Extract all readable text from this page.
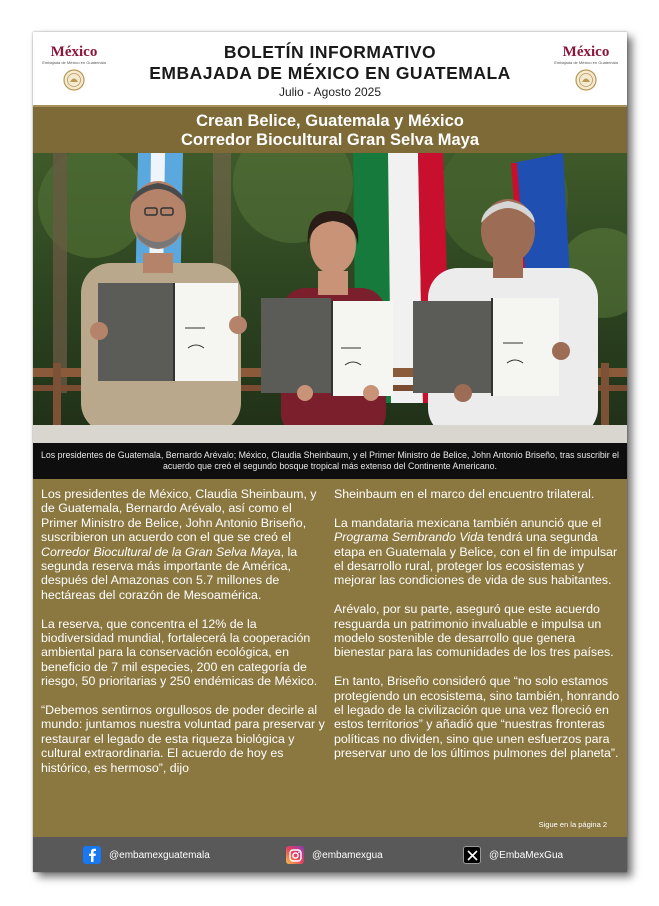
México
Embajada de México en Guatemala
BOLETÍN INFORMATIVO
EMBAJADA DE MÉXICO EN GUATEMALA
Julio - Agosto 2025
México
Embajada de México en Guatemala
Crean Belice, Guatemala y México
Corredor Biocultural Gran Selva Maya
Los presidentes de Guatemala, Bernardo Arévalo; México, Claudia Sheinbaum, y el Primer Ministro de Belice, John Antonio Briseño, tras suscribir el acuerdo que creó el segundo bosque tropical más extenso del Continente Americano.

Los presidentes de México, Claudia Sheinbaum, y de Guatemala, Bernardo Arévalo, así como el Primer Ministro de Belice, John Antonio Briseño, suscribieron un acuerdo con el que se creó el Corredor Biocultural de la Gran Selva Maya, la segunda reserva más importante de América, después del Amazonas con 5.7 millones de hectáreas del corazón de Mesoamérica.

La reserva, que concentra el 12% de la biodiversidad mundial, fortalecerá la cooperación ambiental para la conservación ecológica, en beneficio de 7 mil especies, 200 en categoría de riesgo, 50 prioritarias y 250 endémicas de México.

“Debemos sentirnos orgullosos de poder decirle al mundo: juntamos nuestra voluntad para preservar y restaurar el legado de esta riqueza biológica y cultural extraordinaria. El acuerdo de hoy es histórico, es hermoso”, dijo

Sheinbaum en el marco del encuentro trilateral.

La mandataria mexicana también anunció que el Programa Sembrando Vida tendrá una segunda etapa en Guatemala y Belice, con el fin de impulsar el desarrollo rural, proteger los ecosistemas y mejorar las condiciones de vida de sus habitantes.

Arévalo, por su parte, aseguró que este acuerdo resguarda un patrimonio invaluable e impulsa un modelo sostenible de desarrollo que genera bienestar para las comunidades de los tres países.

En tanto, Briseño consideró que “no solo estamos protegiendo un ecosistema, sino también, honrando el legado de la civilización que una vez floreció en estos territorios” y añadió que “nuestras fronteras políticas no dividen, sino que unen esfuerzos para preservar uno de los últimos pulmones del planeta”.

Sigue en la página 2
@embamexguatemala	@embamexgua	@EmbaMexGua
